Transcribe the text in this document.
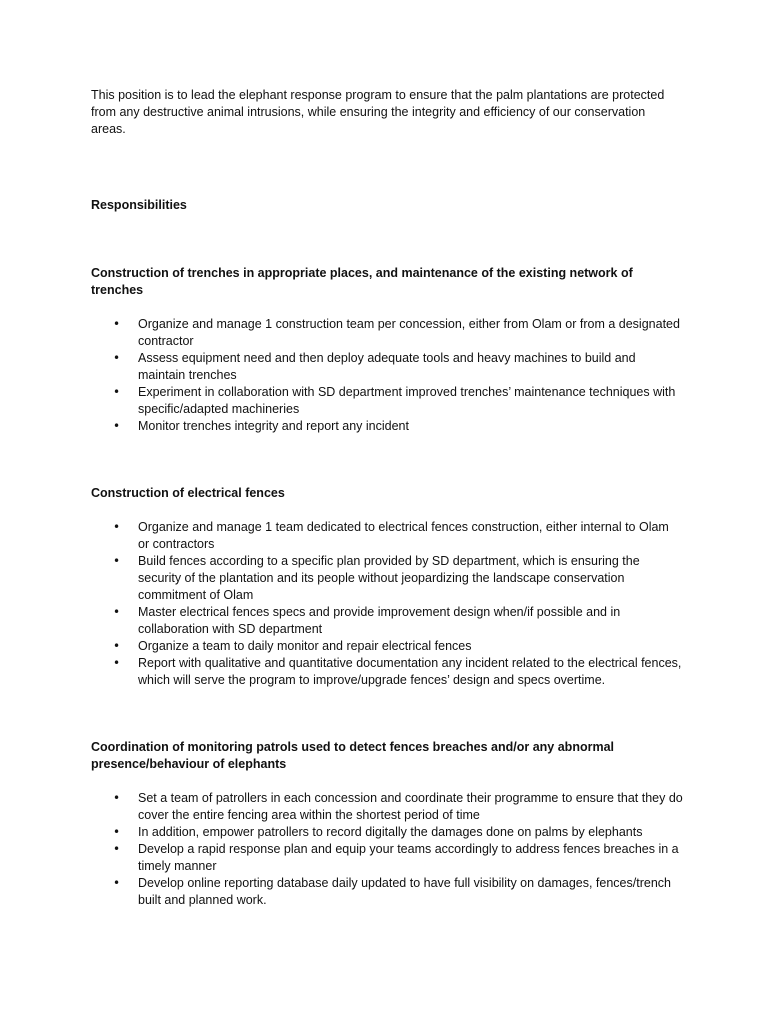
This position is to lead the elephant response program to ensure that the palm plantations are protected from any destructive animal intrusions, while ensuring the integrity and efficiency of our conservation areas.

Responsibilities
Construction of trenches in appropriate places, and maintenance of the existing network of trenches
• Organize and manage 1 construction team per concession, either from Olam or from a designated contractor
• Assess equipment need and then deploy adequate tools and heavy machines to build and maintain trenches
• Experiment in collaboration with SD department improved trenches’ maintenance techniques with specific/adapted machineries
• Monitor trenches integrity and report any incident
Construction of electrical fences
• Organize and manage 1 team dedicated to electrical fences construction, either internal to Olam or contractors
• Build fences according to a specific plan provided by SD department, which is ensuring the security of the plantation and its people without jeopardizing the landscape conservation commitment of Olam
• Master electrical fences specs and provide improvement design when/if possible and in collaboration with SD department
• Organize a team to daily monitor and repair electrical fences
• Report with qualitative and quantitative documentation any incident related to the electrical fences, which will serve the program to improve/upgrade fences’ design and specs overtime.
Coordination of monitoring patrols used to detect fences breaches and/or any abnormal presence/behaviour of elephants
• Set a team of patrollers in each concession and coordinate their programme to ensure that they do cover the entire fencing area within the shortest period of time
• In addition, empower patrollers to record digitally the damages done on palms by elephants
• Develop a rapid response plan and equip your teams accordingly to address fences breaches in a timely manner
• Develop online reporting database daily updated to have full visibility on damages, fences/trench built and planned work.
